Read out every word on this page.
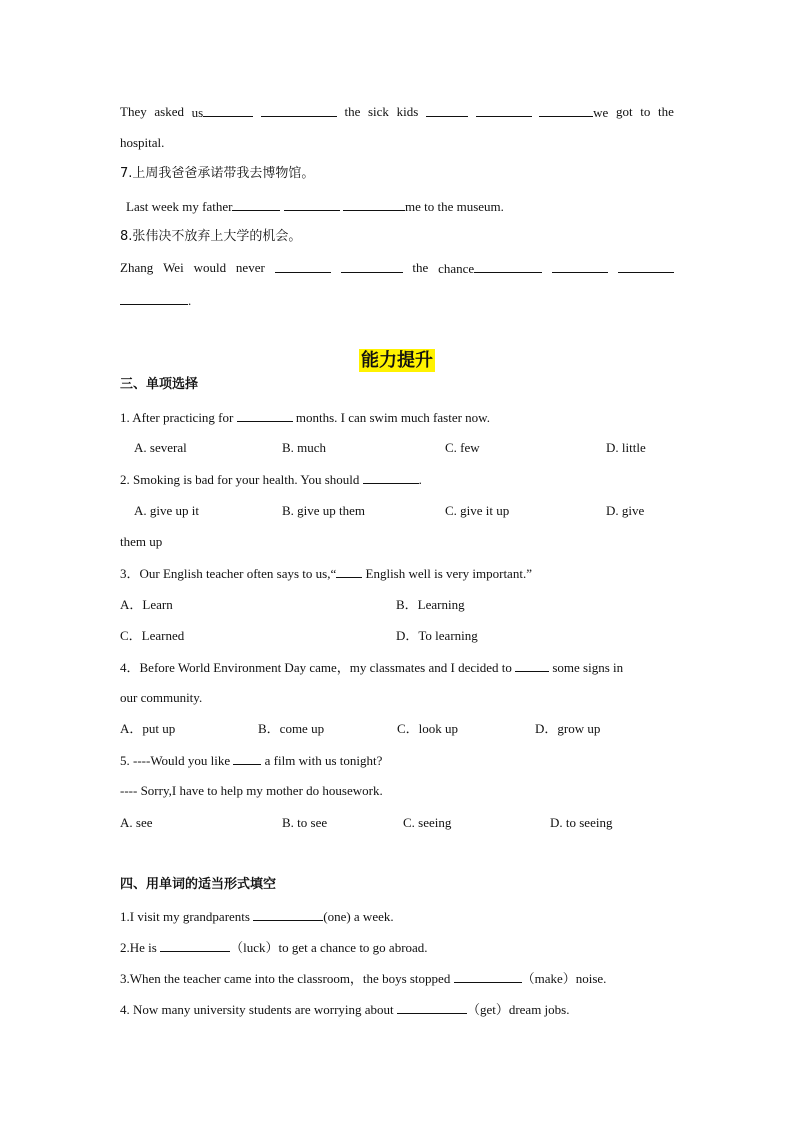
They asked us	the sick kids	we got to the
hospital.
7.上周我爸爸承诺带我去博物馆。
Last week my father	me to the museum.
8.张伟决不放弃上大学的机会。
Zhang Wei would never	the chance
.
能力提升
三、单项选择
1. After practicing for	months. I can swim much faster now.
A. several	B. much	C. few	D. little
2. Smoking is bad for your health. You should	.
A. give up it	B. give up them	C. give it up	D. give
them up
3．Our English teacher often says to us,“ English well is very important.”
A．Learn	B．Learning
C．Learned	D．To learning
4．Before World Environment Day came，my classmates and I decided to	some signs in
our community.
A．put up	B．come up	C．look up	D．grow up
5. ----Would you like	a film with us tonight?
---- Sorry,I have to help my mother do housework.
A. see	B. to see	C. seeing	D. to seeing
四、用单词的适当形式填空
1.I visit my grandparents	(one) a week.
2.He is	（luck）to get a chance to go abroad.
3.When the teacher came into the classroom，the boys stopped	（make）noise.
4. Now many university students are worrying about	（get）dream jobs.
